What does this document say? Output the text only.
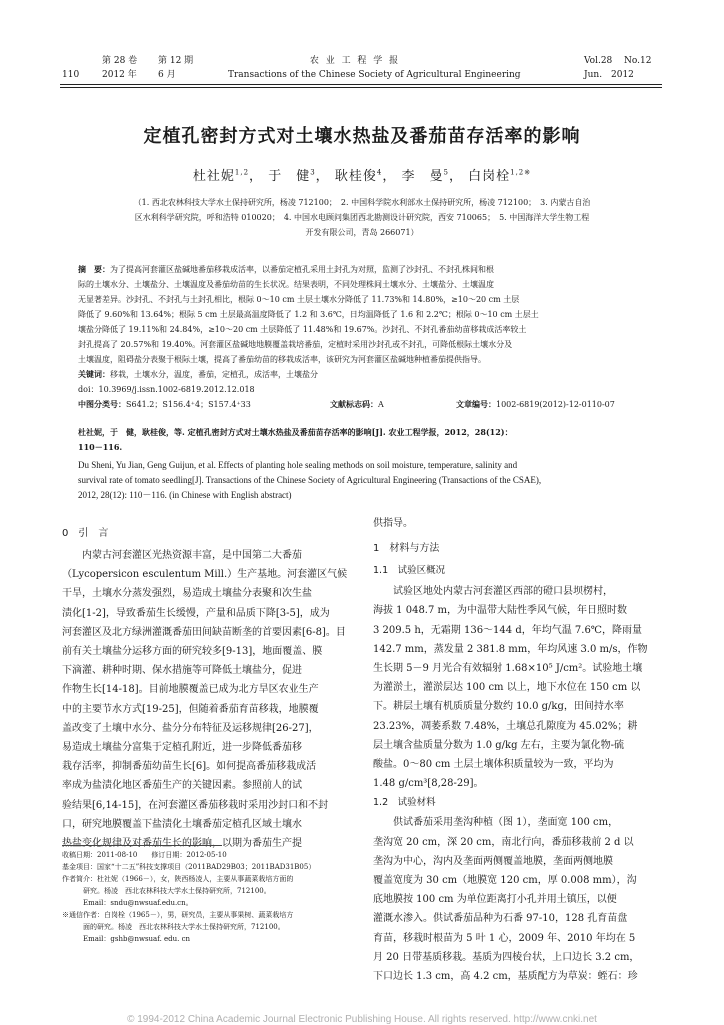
110
第 28 卷
2012 年
第 12 期
6 月
农 业 工 程 学 报
Transactions of the Chinese Society of Agricultural Engineering
Vol.28 No.12
Jun. 2012
定植孔密封方式对土壤水热盐及番茄苗存活率的影响
杜社妮$^{1,2}$， 于　健$^3$， 耿桂俊$^4$， 李　曼$^5$， 白岗栓$^{1,2※}$
（1. 西北农林科技大学水土保持研究所，杨凌 712100；　2. 中国科学院水利部水土保持研究所，杨凌 712100；　3. 内蒙古自治
区水利科学研究院，呼和浩特 010020；　4. 中国水电顾问集团西北勘测设计研究院，西安 710065；　5. 中国海洋大学生物工程
开发有限公司，青岛 266071）
摘　要：为了提高河套灌区盐碱地番茄移栽成活率，以番茄定植孔采用土封孔为对照，监测了沙封孔、不封孔株间和根
际的土壤水分、土壤盐分、土壤温度及番茄幼苗的生长状况。结果表明，不同处理株间土壤水分、土壤盐分、土壤温度
无显著差异。沙封孔、不封孔与土封孔相比，根际 0～10 cm 土层土壤水分降低了 11.73%和 14.80%，≥10～20 cm 土层
降低了 9.60%和 13.64%；根际 5 cm 土层最高温度降低了 1.2 和 3.6℃，日均温降低了 1.6 和 2.2℃；根际 0～10 cm 土层土
壤盐分降低了 19.11%和 24.84%，≥10～20 cm 土层降低了 11.48%和 19.67%。沙封孔、不封孔番茄幼苗移栽成活率较土
封孔提高了 20.57%和 19.40%。河套灌区盐碱地地膜覆盖栽培番茄，定植时采用沙封孔或不封孔，可降低根际土壤水分及
土壤温度，阻碍盐分表聚于根际土壤，提高了番茄幼苗的移栽成活率，该研究为河套灌区盐碱地种植番茄提供指导。
关键词：移栽，土壤水分，温度，番茄，定植孔，成活率，土壤盐分
doi：10.3969/j.issn.1002-6819.2012.12.018
中图分类号：S641.2；S156.4⁺4；S157.4⁺33	文献标志码：A	文章编号：1002-6819(2012)-12-0110-07
杜社妮，于　健，耿桂俊，等. 定植孔密封方式对土壤水热盐及番茄苗存活率的影响[J]. 农业工程学报，2012，28(12)：
110－116.
Du Sheni, Yu Jian, Geng Guijun, et al. Effects of planting hole sealing methods on soil moisture, temperature, salinity and
survival rate of tomato seedling[J]. Transactions of the Chinese Society of Agricultural Engineering (Transactions of the CSAE),
2012, 28(12): 110－116. (in Chinese with English abstract)
0　引　言
内蒙古河套灌区光热资源丰富，是中国第二大番茄
（Lycopersicon esculentum Mill.）生产基地。河套灌区气候
干旱，土壤水分蒸发强烈，易造成土壤盐分表聚和次生盐
渍化[1-2]，导致番茄生长缓慢，产量和品质下降[3-5]，成为
河套灌区及北方绿洲灌溉番茄田间缺苗断垄的首要因素[6-8]。目
前有关土壤盐分运移方面的研究较多[9-13]，地面覆盖、膜
下滴灌、耕种时期、保水措施等可降低土壤盐分，促进
作物生长[14-18]。目前地膜覆盖已成为北方旱区农业生产
中的主要节水方式[19-25]，但随着番茄育苗移栽，地膜覆
盖改变了土壤中水分、盐分分布特征及运移规律[26-27]，
易造成土壤盐分富集于定植孔附近，进一步降低番茄移
栽存活率，抑制番茄幼苗生长[6]。如何提高番茄移栽成活
率成为盐渍化地区番茄生产的关键因素。参照前人的试
验结果[6,14-15]，在河套灌区番茄移栽时采用沙封口和不封
口，研究地膜覆盖下盐渍化土壤番茄定植孔区域土壤水
热盐变化规律及对番茄生长的影响，以期为番茄生产提
收稿日期：2011-08-10　　修订日期：2012-05-10
基金项目：国家“十二五”科技支撑项目（2011BAD29B03；2011BAD31B05）
作者简介：杜社妮（1966－），女，陕西杨凌人，主要从事蔬菜栽培方面的
研究。杨凌　西北农林科技大学水土保持研究所，712100。
Email：sndu@nwsuaf.edu.cn。
※通信作者：白岗栓（1965－），男，研究员，主要从事果树、蔬菜栽培方
面的研究。杨凌　西北农林科技大学水土保持研究所，712100。
Email：gshb@nwsuaf. edu. cn
供指导。
1　材料与方法
1.1　试验区概况
试验区地处内蒙古河套灌区西部的磴口县坝楞村，
海拔 1 048.7 m，为中温带大陆性季风气候，年日照时数
3 209.5 h，无霜期 136～144 d，年均气温 7.6℃，降雨量
142.7 mm，蒸发量 2 381.8 mm，年均风速 3.0 m/s，作物
生长期 5－9 月光合有效辐射 1.68×10⁵ J/cm²。试验地土壤
为灌淤土，灌淤层达 100 cm 以上，地下水位在 150 cm 以
下。耕层土壤有机质质量分数约 10.0 g/kg，田间持水率
23.23%，凋萎系数 7.48%，土壤总孔隙度为 45.02%；耕
层土壤含盐质量分数为 1.0 g/kg 左右，主要为氯化物-硫
酸盐。0～80 cm 土层土壤体积质量较为一致，平均为
1.48 g/cm³[8,28-29]。
1.2　试验材料
供试番茄采用垄沟种植（图 1），垄面宽 100 cm，
垄沟宽 20 cm，深 20 cm，南北行向，番茄移栽前 2 d 以
垄沟为中心，沟内及垄面两侧覆盖地膜，垄面两侧地膜
覆盖宽度为 30 cm（地膜宽 120 cm，厚 0.008 mm），沟
底地膜按 100 cm 为单位距离打小孔并用土镇压，以便
灌溉水渗入。供试番茄品种为石番 97-10，128 孔育苗盘
育苗，移栽时根苗为 5 叶 1 心，2009 年、2010 年均在 5
月 20 日带基质移栽。基质为四棱台状，上口边长 3.2 cm，
下口边长 1.3 cm，高 4.2 cm，基质配方为草炭：蛭石：珍
© 1994-2012 China Academic Journal Electronic Publishing House. All rights reserved. http://www.cnki.net
